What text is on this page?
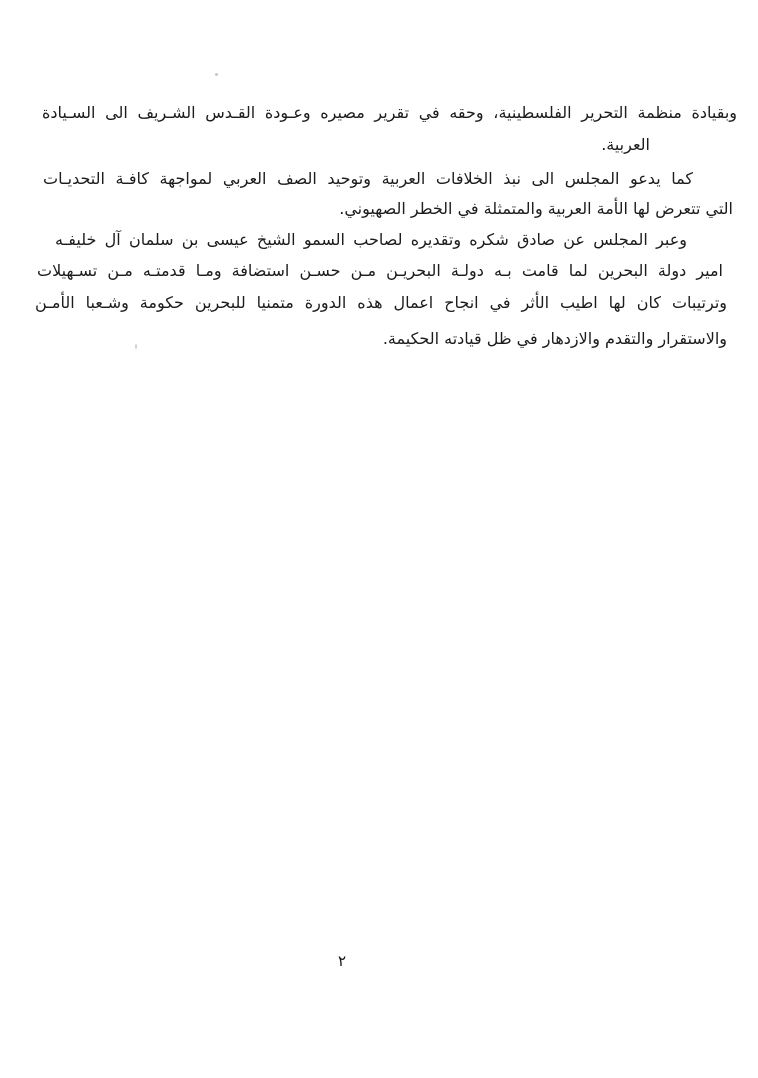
وبقيادة منظمة التحرير الفلسطينية، وحقه في تقرير مصيره وعـودة القـدس الشـريف الى السـيادة
العربية.
كما يدعو المجلس الى نبذ الخلافات العربية وتوحيد الصف العربي لمواجهة كافـة التحديـات
التي تتعرض لها الأمة العربية والمتمثلة في الخطر الصهيوني.
وعبر المجلس عن صادق شكره وتقديره لصاحب السمو الشيخ عيسى بن سلمان آل خليفـه
امير دولة البحرين لما قامت بـه دولـة البحريـن مـن حسـن استضافة ومـا قدمتـه مـن تسـهيلات
وترتيبات كان لها اطيب الأثر في انجاح اعمال هذه الدورة متمنيا للبحرين حكومة وشـعبا الأمـن
والاستقرار والتقدم والازدهار في ظل قيادته الحكيمة.
٢
